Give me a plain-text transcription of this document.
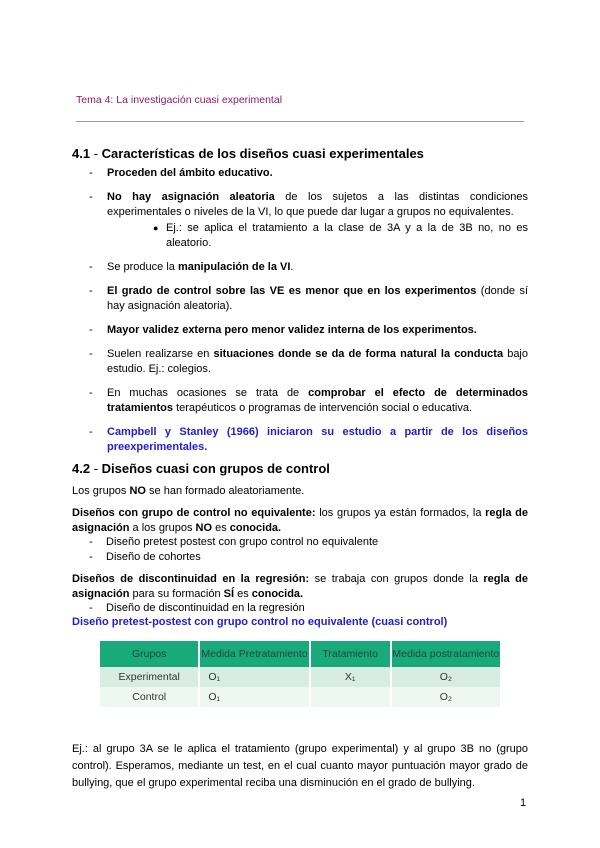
Tema 4: La investigación cuasi experimental
4.1 - Características de los diseños cuasi experimentales
- Proceden del ámbito educativo.
- No hay asignación aleatoria de los sujetos a las distintas condiciones experimentales o niveles de la VI, lo que puede dar lugar a grupos no equivalentes.
● Ej.: se aplica el tratamiento a la clase de 3A y a la de 3B no, no es aleatorio.
- Se produce la manipulación de la VI.
- El grado de control sobre las VE es menor que en los experimentos (donde sí hay asignación aleatoria).
- Mayor validez externa pero menor validez interna de los experimentos.
- Suelen realizarse en situaciones donde se da de forma natural la conducta bajo estudio. Ej.: colegios.
- En muchas ocasiones se trata de comprobar el efecto de determinados tratamientos terapéuticos o programas de intervención social o educativa.
- Campbell y Stanley (1966) iniciaron su estudio a partir de los diseños preexperimentales.
4.2 - Diseños cuasi con grupos de control
Los grupos NO se han formado aleatoriamente.
Diseños con grupo de control no equivalente: los grupos ya están formados, la regla de asignación a los grupos NO es conocida.
- Diseño pretest postest con grupo control no equivalente
- Diseño de cohortes
Diseños de discontinuidad en la regresión: se trabaja con grupos donde la regla de asignación para su formación SÍ es conocida.
- Diseño de discontinuidad en la regresión
Diseño pretest-postest con grupo control no equivalente (cuasi control)
Grupos	Medida Pretratamiento	Tratamiento	Medida postratamiento
Experimental	O₁	X₁	O₂
Control	O₁		O₂
Ej.: al grupo 3A se le aplica el tratamiento (grupo experimental) y al grupo 3B no (grupo control). Esperamos, mediante un test, en el cual cuanto mayor puntuación mayor grado de bullying, que el grupo experimental reciba una disminución en el grado de bullying.
1
